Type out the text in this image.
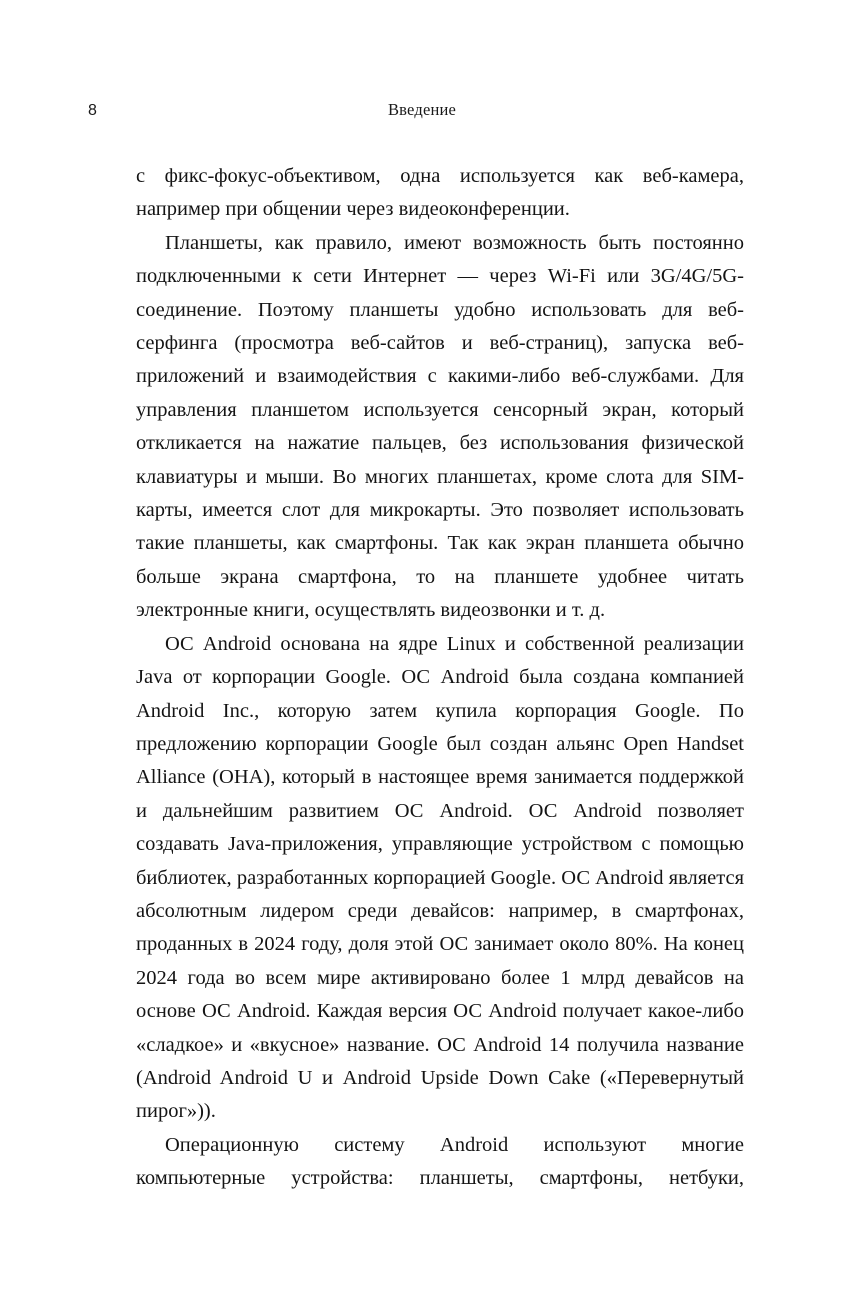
8	Введение

с фикс-фокус-объективом, одна используется как веб-камера, например при общении через видеоконференции.

Планшеты, как правило, имеют возможность быть постоянно подключенными к сети Интернет — через Wi-Fi или 3G/4G/5G-соединение. Поэтому планшеты удобно использовать для веб-серфинга (просмотра веб-сайтов и веб-страниц), запуска веб-приложений и взаимодействия с какими-либо веб-службами. Для управления планшетом используется сенсорный экран, который откликается на нажатие пальцев, без использования физической клавиатуры и мыши. Во многих планшетах, кроме слота для SIM-карты, имеется слот для микрокарты. Это позволяет использовать такие планшеты, как смартфоны. Так как экран планшета обычно больше экрана смартфона, то на планшете удобнее читать электронные книги, осуществлять видеозвонки и т. д.

ОС Android основана на ядре Linux и собственной реализации Java от корпорации Google. ОС Android была создана компанией Android Inc., которую затем купила корпорация Google. По предложению корпорации Google был создан альянс Open Handset Alliance (OHA), который в настоящее время занимается поддержкой и дальнейшим развитием ОС Android. ОС Android позволяет создавать Java-приложения, управляющие устройством с помощью библиотек, разработанных корпорацией Google. ОС Android является абсолютным лидером среди девайсов: например, в смартфонах, проданных в 2024 году, доля этой ОС занимает около 80%. На конец 2024 года во всем мире активировано более 1 млрд девайсов на основе ОС Android. Каждая версия ОС Android получает какое-либо «сладкое» и «вкусное» название. ОС Android 14 получила название (Android Android U и Android Upside Down Cake («Перевернутый пирог»)).

Операционную систему Android используют многие компьютерные устройства: планшеты, смартфоны, нетбуки,
